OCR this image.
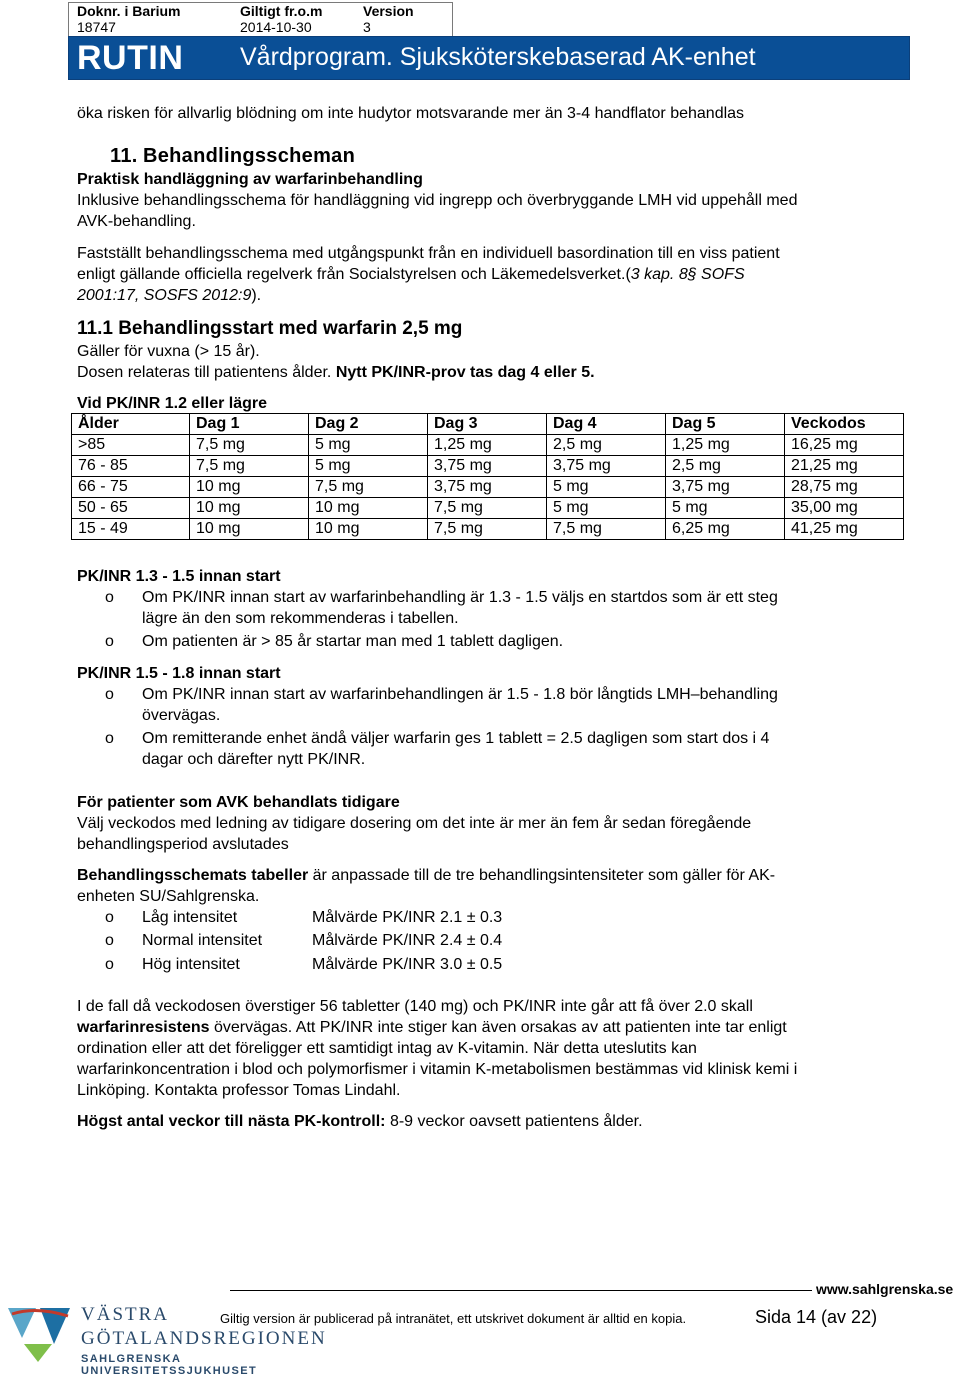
Doknr. i Barium
18747
Giltigt fr.o.m
2014-10-30
Version
3
RUTIN Vårdprogram. Sjuksköterskebaserad AK-enhet
öka risken för allvarlig blödning om inte hudytor motsvarande mer än 3-4 handflator behandlas
11. Behandlingsscheman
Praktisk handläggning av warfarinbehandling
Inklusive behandlingsschema för handläggning vid ingrepp och överbryggande LMH vid uppehåll med
AVK-behandling.
Fastställt behandlingsschema med utgångspunkt från en individuell basordination till en viss patient
enligt gällande officiella regelverk från Socialstyrelsen och Läkemedelsverket.(3 kap. 8§ SOFS
2001:17, SOSFS 2012:9).
11.1 Behandlingsstart med warfarin 2,5 mg
Gäller för vuxna (> 15 år).
Dosen relateras till patientens ålder. Nytt PK/INR-prov tas dag 4 eller 5.
Vid PK/INR 1.2 eller lägre
Ålder	Dag 1	Dag 2	Dag 3	Dag 4	Dag 5	Veckodos
>85	7,5 mg	5 mg	1,25 mg	2,5 mg	1,25 mg	16,25 mg
76 - 85	7,5 mg	5 mg	3,75 mg	3,75 mg	2,5 mg	21,25 mg
66 - 75	10 mg	7,5 mg	3,75 mg	5 mg	3,75 mg	28,75 mg
50 - 65	10 mg	10 mg	7,5 mg	5 mg	5 mg	35,00 mg
15 - 49	10 mg	10 mg	7,5 mg	7,5 mg	6,25 mg	41,25 mg
PK/INR 1.3 - 1.5 innan start
o Om PK/INR innan start av warfarinbehandling är 1.3 - 1.5 väljs en startdos som är ett steg
lägre än den som rekommenderas i tabellen.
o Om patienten är > 85 år startar man med 1 tablett dagligen.
PK/INR 1.5 - 1.8 innan start
o Om PK/INR innan start av warfarinbehandlingen är 1.5 - 1.8 bör långtids LMH–behandling
övervägas.
o Om remitterande enhet ändå väljer warfarin ges 1 tablett = 2.5 dagligen som start dos i 4
dagar och därefter nytt PK/INR.
För patienter som AVK behandlats tidigare
Välj veckodos med ledning av tidigare dosering om det inte är mer än fem år sedan föregående
behandlingsperiod avslutades
Behandlingsschemats tabeller är anpassade till de tre behandlingsintensiteter som gäller för AK-
enheten SU/Sahlgrenska.
o Låg intensitet	Målvärde PK/INR 2.1 ± 0.3
o Normal intensitet	Målvärde PK/INR 2.4 ± 0.4
o Hög intensitet	Målvärde PK/INR 3.0 ± 0.5
I de fall då veckodosen överstiger 56 tabletter (140 mg) och PK/INR inte går att få över 2.0 skall
warfarinresistens övervägas. Att PK/INR inte stiger kan även orsakas av att patienten inte tar enligt
ordination eller att det föreligger ett samtidigt intag av K-vitamin. När detta uteslutits kan
warfarinkoncentration i blod och polymorfismer i vitamin K-metabolismen bestämmas vid klinisk kemi i
Linköping. Kontakta professor Tomas Lindahl.
Högst antal veckor till nästa PK-kontroll: 8-9 veckor oavsett patientens ålder.
www.sahlgrenska.se
Giltig version är publicerad på intranätet, ett utskrivet dokument är alltid en kopia.	Sida 14 (av 22)
VÄSTRA
GÖTALANDSREGIONEN
SAHLGRENSKA UNIVERSITETSSJUKHUSET
